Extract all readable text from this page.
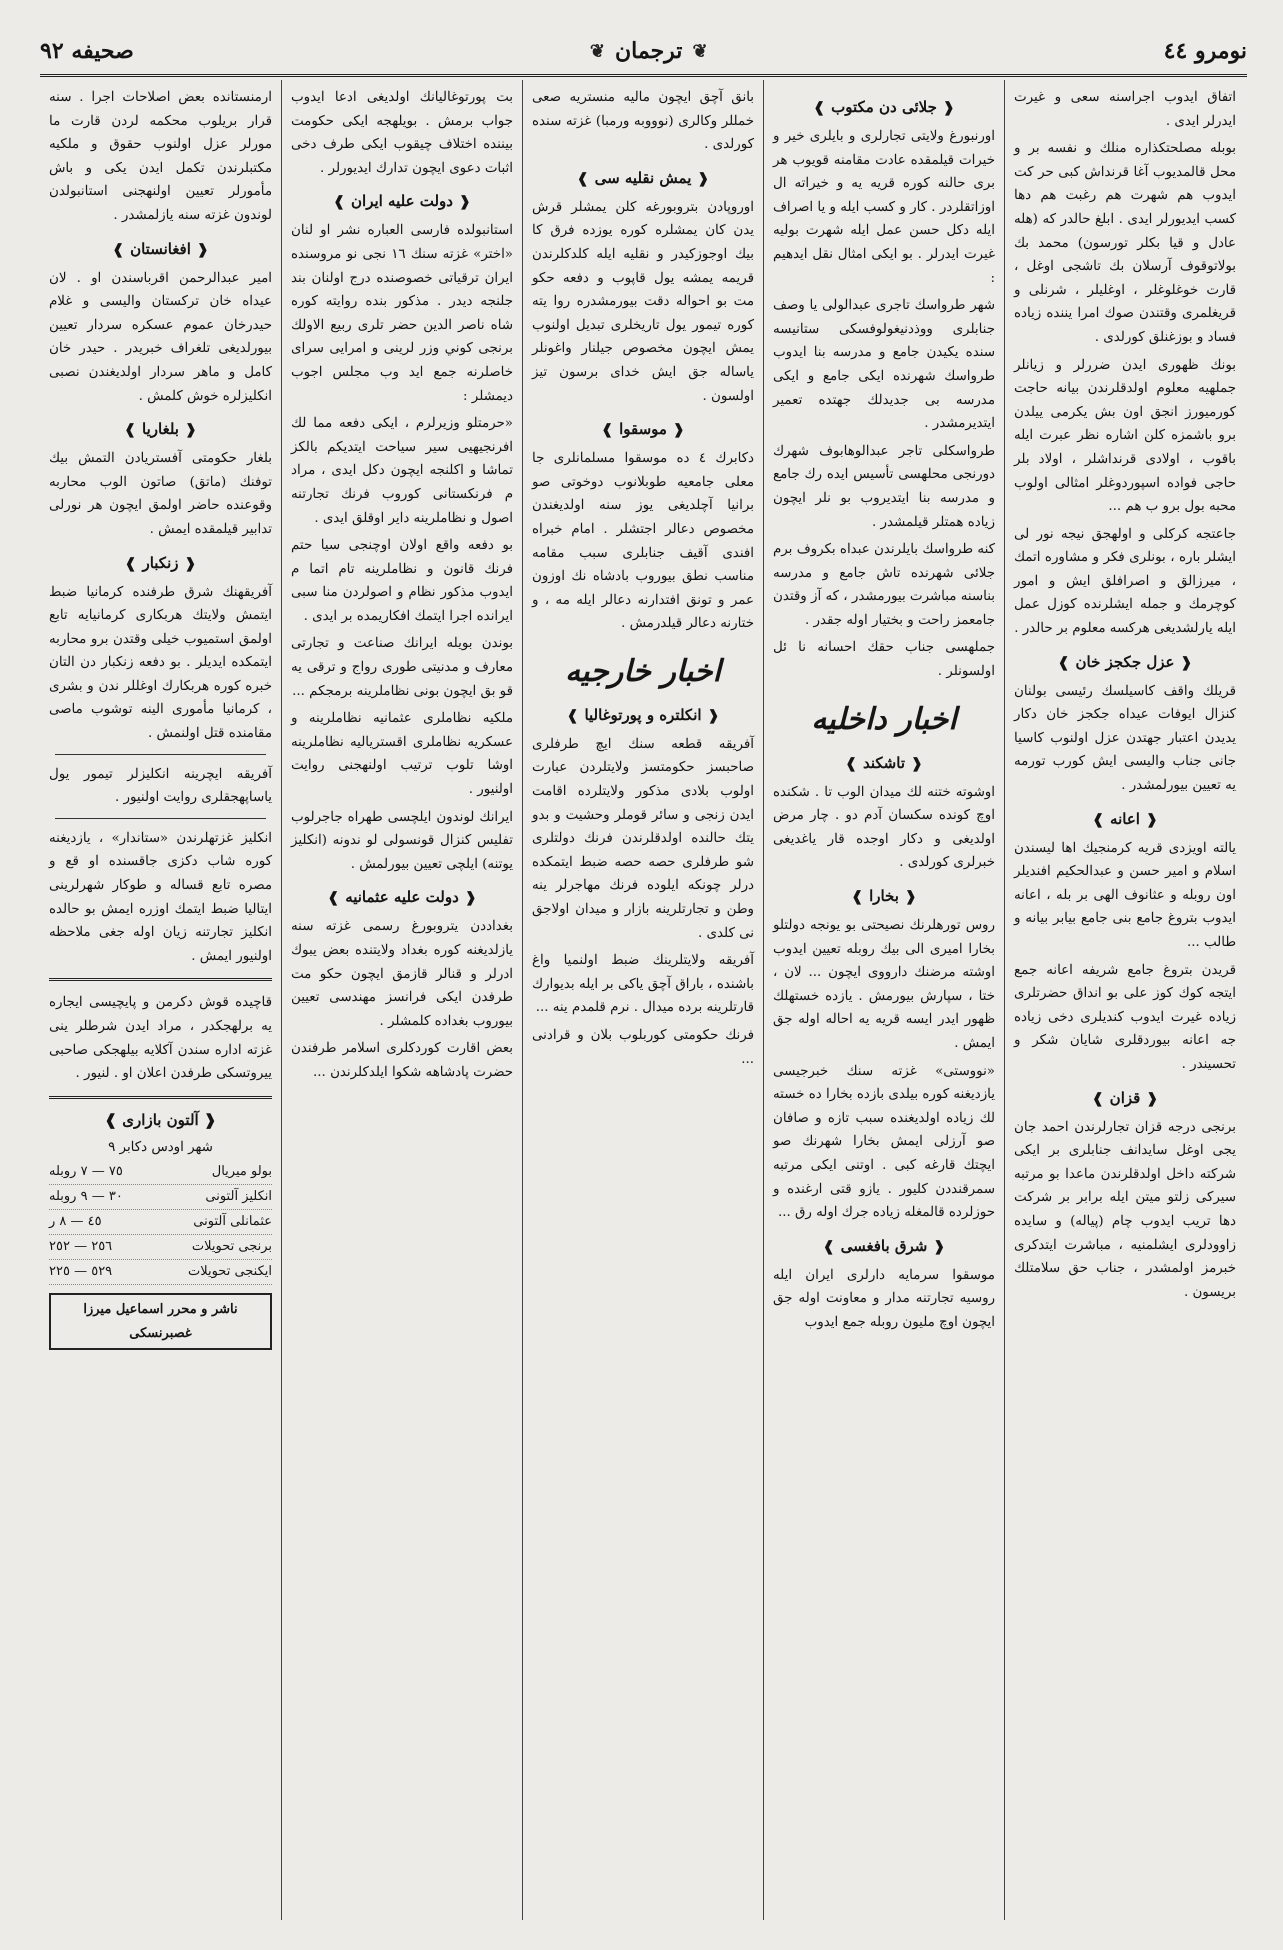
نومرو ٤٤
❦
ترجمان
❦
صحيفه ٩٢

اتفاق ايدوب اجراسنه سعى و غيرت ايدرلر ايدى .

بوبله مصلحتكذاره منلك و نفسه بر و محل قالمديوب آغا قرنداش كبى حر كت ايدوب هم شهرت هم رغبت هم دها كسب ايديورلر ايدى . ابلغ حالدر كه (هله عادل و قيا بكلر تورسون) محمد بك بولاتوقوف آرسلان بك تاشجى اوغل ، قارت خوغلوغلر ، اوغليلر ، شرنلى و قريغلمرى وقتندن صوك امرا يننده زياده فساد و بوزغنلق كورلدى .

بونك ظهورى ايدن ضررلر و زيانلر جملهيه معلوم اولدقلرندن بيانه حاجت كورميورز انجق اون بش يكرمى ييلدن برو باشمزه كلن اشاره نظر عبرت ايله باقوب ، اولادى قرنداشلر ، اولاد بلر حاجى فواده اسپوردوغلر امثالى اولوب محبه بول برو ب هم ...

جاعتجه كركلى و اولهجق نيجه نور لى ايشلر باره ، بونلرى فكر و مشاوره اتمك ، ميرزالق و اصرافلق ايش و امور كوچرمك و جمله ايشلرنده كوزل عمل ايله يارلشديغى هركسه معلوم بر حالدر .

❰عزل جكجز خان❱

قريلك واقف كاسيلسك رئيسى بولنان كنزال ايوفات عيداه جكجز خان دكار يديدن اعتبار جهتدن عزل اولنوب كاسيا جانى جناب واليسى ايش كورب تورمه يه تعيين بيورلمشدر .

❰اعانه❱

يالته اويزدى قريه كرمنجيك اها ليسندن اسلام و امير حسن و عبدالحكيم افنديلر اون روبله و عثانوف الهى بر بله ، اعانه ايدوب بتروغ جامع بنى جامع بيابر بيانه و طالب ...

قريدن بتروغ جامع شريفه اعانه جمع ايتجه كوك كوز على بو انداق حضرتلرى زياده غيرت ايدوب كنديلرى دخى زياده جه اعانه بيوردقلرى شايان شكر و تحسيندر .

❰قزان❱

برنجى درجه قزان تجارلرندن احمد جان يجى اوغل سايدانف جنابلرى بر ايكى شركته داخل اولدقلرندن ماعدا بو مرتبه سيركى زلتو ميتن ايله برابر بر شركت دها تريب ايدوب چام (پياله) و سايده زاوودلرى ايشلمنيه ، مباشرت ايتدكرى خبرمز اولمشدر ، جناب حق سلامتلك بريسون .

❰جلائى دن مكتوب❱

اورنبورغ ولايتى تجارلرى و بايلرى خير و خيرات قيلمقده عادت مقامنه قويوب هر برى حالنه كوره قريه يه و خيراته ال اوزاتقلردر . كار و كسب ايله و يا اصراف ايله دكل حسن عمل ايله شهرت بوليه غيرت ايدرلر . بو ايكى امثال نقل ايدهيم :

شهر طرواسك تاجرى عبدالولى يا وصف جنابلرى ووذدنيغولوفسكى ستانيسه سنده يكيدن جامع و مدرسه بنا ايدوب طرواسك شهرنده ايكى جامع و ايكى مدرسه بى جديدلك جهتده تعمير ايتديرمشدر .

طرواسكلى تاجر عبدالوهابوف شهرك دورنجى محلهسى تأسيس ايده رك جامع و مدرسه بنا ايتديروب بو نلر ايچون زياده همتلر قيلمشدر .

كنه طرواسك بايلرندن عبداه بكروف برم جلائى شهرنده تاش جامع و مدرسه بناسنه مباشرت بيورمشدر ، كه آز وقتدن جامعمز راحت و بختيار اوله جقدر .

جملهسى جناب حقك احسانه نا ئل اولسونلر .

اخبار داخليه
❰تاشكند❱

اوشوته ختنه لك ميدان الوب تا . شكنده اوچ كونده سكسان آدم دو . چار مرض اولديغى و دكار اوجده قار ياغديغى خبرلرى كورلدى .

❰بخارا❱

روس تورهلرنك نصيحتى بو يونجه دولتلو بخارا اميرى الى بيك روبله تعيين ايدوب اوشته مرضنك دارووى ايچون ... لان ، ختا ، سپارش بيورمش . يازده خستهلك ظهور ايدر ايسه قريه يه احاله اوله جق ايمش .

«نووستى» غزته سنك خبرجيسى يازديغنه كوره بيلدى بازده بخارا ده خسته لك زياده اولديغنده سبب تازه و صافان صو آرزلى ايمش بخارا شهرنك صو ايچتك قارغه كبى . اوتنى ايكى مرتبه سمرقنددن كليور . يازو قتى ارغنده و حوزلرده قالمغله زياده جرك اوله رق ...

❰شرق بافغسى❱

موسقوا سرمايه دارلرى ايران ايله روسيه تجارتنه مدار و معاونت اوله جق ايچون اوچ مليون روبله جمع ايدوب

بانق آچق ايچون ماليه منستريه صعى خمللر وكالرى (نوووبه ورمبا) غزته سنده كورلدى .

❰يمش نقليه سى❱

اوروپادن بتروبورغه كلن يمشلر قرش يدن كان يمشلره كوره يوزده فرق كا بيك اوجوزكيدر و نقليه ايله كلدكلرندن قريمه يمشه يول قاپوب و دفعه حكو مت بو احواله دقت بيورمشدره روا يته كوره تيمور يول تاريخلرى تبديل اولنوب يمش ايچون مخصوص جيلنار واغونلر ياساله جق ايش خداى برسون تيز اولسون .

❰موسقوا❱

دكابرك ٤ ده موسقوا مسلمانلرى جا معلى جامعيه طوبلانوب دوخوتى صو برانيا آچلديغى يوز سنه اولديغندن مخصوص دعالر اجتشلر . امام خبراه افندى آقيف جنابلرى سبب مقامه مناسب نطق بيوروب بادشاه نك اوزون عمر و تونق افتدارنه دعالر ايله مه ، و ختارنه دعالر قيلدرمش .

اخبار خارجيه
❰انكلتره و پورتوغاليا❱

آفريقه قطعه سنك ايچ طرفلرى صاحبسز حكومتسز ولايتلردن عبارت اولوب بلادى مذكور ولايتلرده اقامت ايدن زنجى و سائر قوملر وحشيت و بدو يتك حالنده اولدقلرندن فرنك دولتلرى شو طرفلرى حصه حصه ضبط ايتمكده درلر چونكه ايلوده فرنك مهاجرلر ينه وطن و تجارتلرينه بازار و ميدان اولاجق نى كلدى .

آفريقه ولايتلرينك ضبط اولنميا واغ باشنده ، باراق آچق ياكى بر ايله بديوارك قارتلرينه برده ميدال . نرم قلمدم ينه ...

فرنك حكومتى كوربلوب بلان و قرادنى ...

بت پورتوغاليانك اولديغى ادعا ايدوب جواب برمش . بويلهجه ايكى حكومت بيننده اختلاف چيقوب ايكى طرف دخى اثبات دعوى ايچون تدارك ايديورلر .

❰دولت عليه ايران❱

استانبولده فارسى العباره نشر او لنان «اختر» غزته سنك ١٦ نجى نو مروسنده ايران ترقياتى خصوصنده درج اولنان بند جلنجه ديدر . مذكور بنده روايته كوره شاه ناصر الدين حضر تلرى ربيع الاولك برنجى كوني وزر لرينى و امرايى سراى خاصلرنه جمع ايد وب مجلس اجوب ديمشلر :

«حرمتلو وزيرلرم ، ايكى دفعه مما لك افرنجيهيى سير سياحت ايتديكم بالكز تماشا و اكلنجه ايچون دكل ايدى ، مراد م فرنكستانى كوروب فرنك تجارتنه اصول و نظاملرينه داير اوقلق ايدى .

بو دفعه واقع اولان اوچنجى سيا حتم فرنك قانون و نظاملرينه تام اتما م ايدوب مذكور نظام و اصولردن منا سبى ايرانده اجرا ايتمك افكاريمده بر ايدى .

بوندن بويله ايرانك صناعت و تجارتى معارف و مدنيتى طورى رواج و ترقى يه قو بق ايچون بونى نظاملرينه برمجكم ...

ملكيه نظاملرى عثمانيه نظاملرينه و عسكريه نظاملرى اقسترياليه نظاملرينه اوشا تلوب ترتيب اولنهجنى روايت اولنيور .

ايرانك لوندون ايلچسى طهراه جاجرلوب تفليس كنزال قونسولى لو ندونه (انكليز يوتنه) ايلچى تعيين بيورلمش .

❰دولت عليه عثمانيه❱

بغداددن يتروبورغ رسمى غزته سنه يازلديغنه كوره بغداد ولايتنده بعض يبوك ادرلر و قنالر قازمق ايچون حكو مت طرفدن ايكى فرانسز مهندسى تعيين بيوروب بغداده كلمشلر .

بعض اقارت كوردكلرى اسلامر طرفندن حضرت پادشاهه شكوا ايلدكلرندن ...

ارمنستانده بعض اصلاحات اجرا . سنه قرار بريلوب محكمه لردن قارت ما مورلر عزل اولنوب حقوق و ملكيه مكتبلرندن تكمل ايدن يكى و باش مأمورلر تعيين اولنهجنى استانبولدن لوندون غزته سنه يازلمشدر .

❰افغانستان❱

امير عبدالرحمن اقرباسندن او . لان عيداه خان تركستان واليسى و غلام حيدرخان عموم عسكره سردار تعيين بيورلديغى تلغراف خبريدر . حيدر خان كامل و ماهر سردار اولديغندن نصبى انكليزلره خوش كلمش .

❰بلغاريا❱

بلغار حكومتى آفستريادن التمش بيك توفنك (ماتق) صاتون الوب محاربه وقوعنده حاضر اولمق ايچون هر نورلى تدابير قيلمقده ايمش .

❰زنكبار❱

آفريقهنك شرق طرفنده كرمانيا ضبط ايتمش ولايتك هربكارى كرمانيايه تابع اولمق استميوب خيلى وقتدن برو محاربه ايتمكده ايديلر . بو دفعه زنكبار دن التان خبره كوره هربكارك اوغللر ندن و بشرى ، كرمانيا مأمورى الينه توشوب ماصى مقامنده قتل اولنمش .

آفريقه ايچرينه انكليزلر تيمور يول ياساپهجقلرى روايت اولنيور .

انكليز غزتهلرندن «ستاندار» ، يازديغنه كوره شاب دكزى جاقسنده او قع و مصره تابع قساله و طوكار شهرلرينى ايتاليا ضبط ايتمك اوزره ايمش بو حالده انكليز تجارتنه زيان اوله جغى ملاحظه اولنيور ايمش .

قاچيده قوش دكرمن و پايچيسى ايجاره يه برلهجكدر ، مراد ايدن شرطلر ينى غزته اداره سندن آكلايه بيلهجكى صاحبى ييروتسكى طرفدن اعلان او . لنيور .

❰ آلتون بازارى ❱
شهر اودس دكابر ٩
بولو ميريال
٧٥ — ٧ روبله
انكليز آلتونى
٣٠ — ٩ روبله
عثمانلى آلتونى
٤٥ — ٨ ر
برنجى تحويلات
٢٥٦ — ٢٥٢
ايكنجى تحويلات
٥٢٩ — ٢٢٥
ناشر و محرر اسماعيل ميرزا غصبرنسكى
